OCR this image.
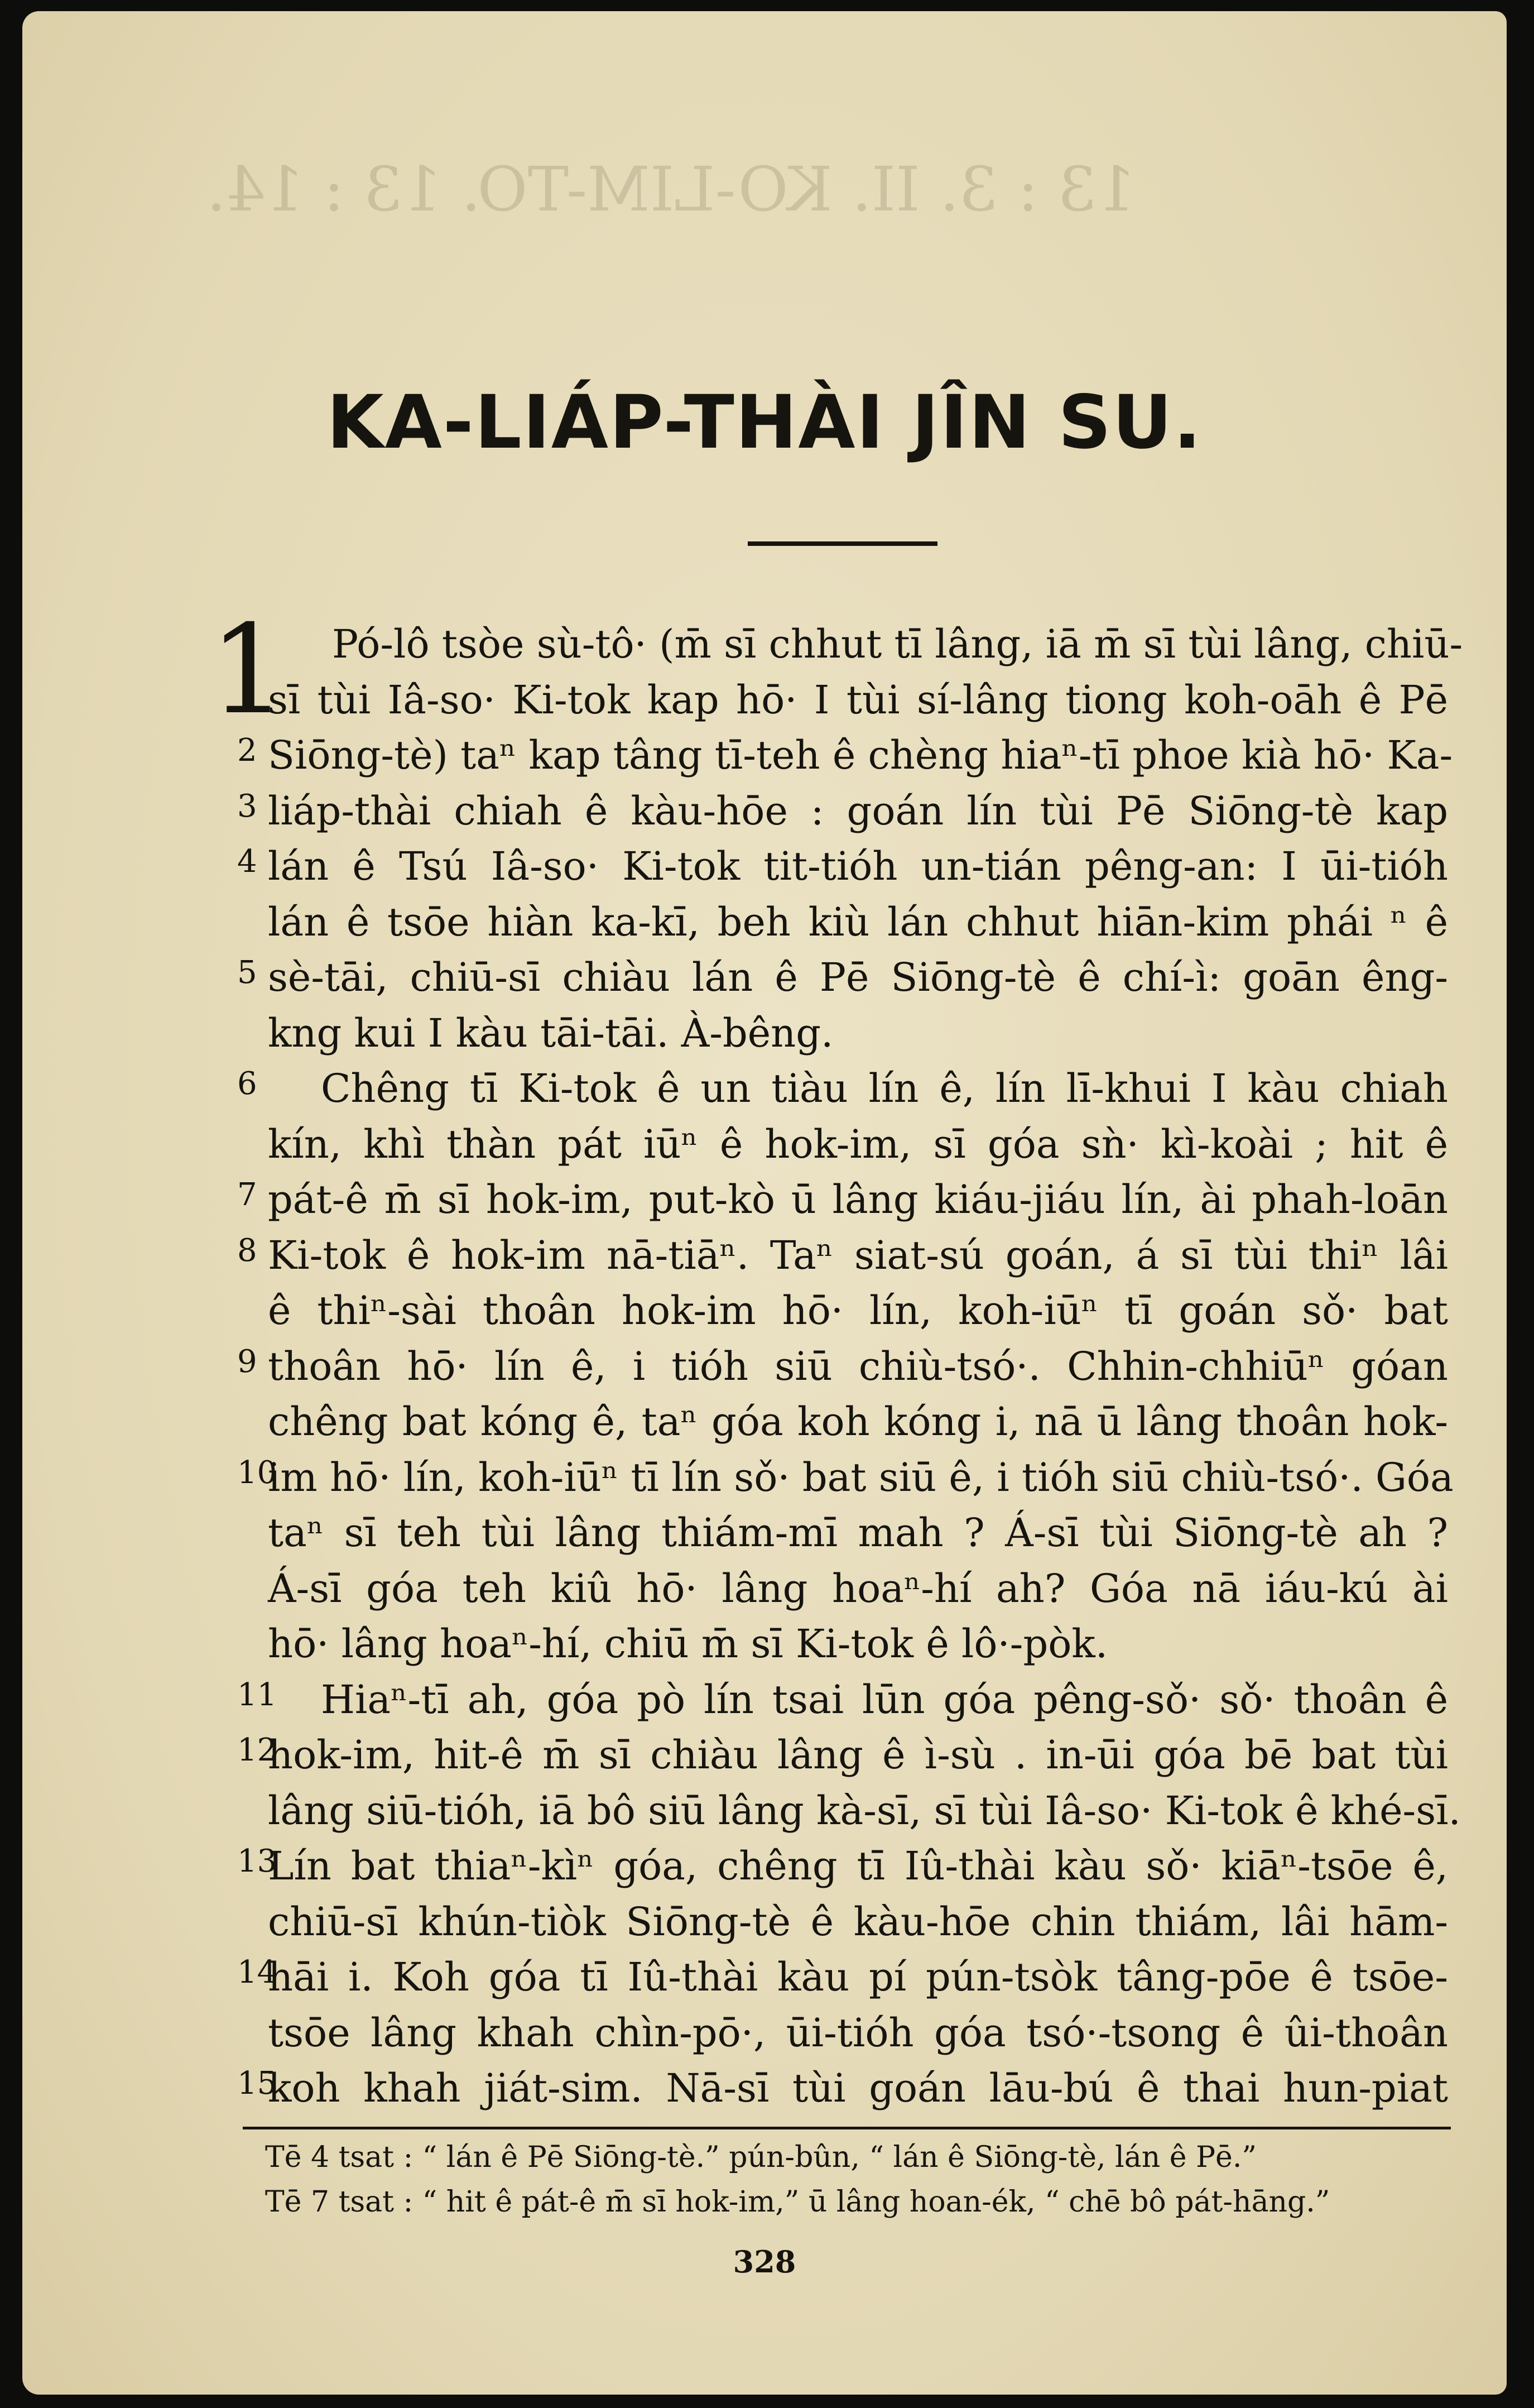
13 : 3. II. KO-LIM-TO. 13 : 14.
KA-LIÁP-THÀI JÎN SU.
1
2
3
4
5
6
7
8
9
10
11
12
13
14
15
Pó-lô tsòe sù-tô· (m̄ sī chhut tī lâng, iā m̄ sī tùi lâng, chiū-
sī tùi Iâ-so· Ki-tok kap hō· I tùi sí-lâng tiong koh-oāh ê Pē
Siōng-tè) taⁿ kap tâng tī-teh ê chèng hiaⁿ-tī phoe kià hō· Ka-
liáp-thài chiah ê kàu-hōe : goán lín tùi Pē Siōng-tè kap
lán ê Tsú Iâ-so· Ki-tok tit-tióh un-tián pêng-an: I ūi-tióh
lán ê tsōe hiàn ka-kī, beh kiù lán chhut hiān-kim phái ⁿ ê
sè-tāi, chiū-sī chiàu lán ê Pē Siōng-tè ê chí-ì: goān êng-
kng kui I kàu tāi-tāi. À-bêng.
Chêng tī Ki-tok ê un tiàu lín ê, lín lī-khui I kàu chiah
kín, khì thàn pát iūⁿ ê hok-im, sī góa sǹ· kì-koài ; hit ê
pát-ê m̄ sī hok-im, put-kò ū lâng kiáu-jiáu lín, ài phah-loān
Ki-tok ê hok-im nā-tiāⁿ. Taⁿ siat-sú goán, á sī tùi thiⁿ lâi
ê thiⁿ-sài thoân hok-im hō· lín, koh-iūⁿ tī goán sǒ· bat
thoân hō· lín ê, i tióh siū chiù-tsó·. Chhin-chhiūⁿ góan
chêng bat kóng ê, taⁿ góa koh kóng i, nā ū lâng thoân hok-
im hō· lín, koh-iūⁿ tī lín sǒ· bat siū ê, i tióh siū chiù-tsó·. Góa
taⁿ sī teh tùi lâng thiám-mī mah ? Á-sī tùi Siōng-tè ah ?
Á-sī góa teh kiû hō· lâng hoaⁿ-hí ah? Góa nā iáu-kú ài
hō· lâng hoaⁿ-hí, chiū m̄ sī Ki-tok ê lô·-pòk.
Hiaⁿ-tī ah, góa pò lín tsai lūn góa pêng-sǒ· sǒ· thoân ê
hok-im, hit-ê m̄ sī chiàu lâng ê ì-sù . in-ūi góa bē bat tùi
lâng siū-tióh, iā bô siū lâng kà-sī, sī tùi Iâ-so· Ki-tok ê khé-sī.
Lín bat thiaⁿ-kìⁿ góa, chêng tī Iû-thài kàu sǒ· kiāⁿ-tsōe ê,
chiū-sī khún-tiòk Siōng-tè ê kàu-hōe chin thiám, lâi hām-
hāi i. Koh góa tī Iû-thài kàu pí pún-tsòk tâng-pōe ê tsōe-
tsōe lâng khah chìn-pō·, ūi-tióh góa tsó·-tsong ê ûi-thoân
koh khah jiát-sim. Nā-sī tùi goán lāu-bú ê thai hun-piat
Tē 4 tsat : “ lán ê Pē Siōng-tè.” pún-bûn, “ lán ê Siōng-tè, lán ê Pē.”
Tē 7 tsat : “ hit ê pát-ê m̄ sī hok-im,” ū lâng hoan-ék, “ chē bô pát-hāng.”
328
